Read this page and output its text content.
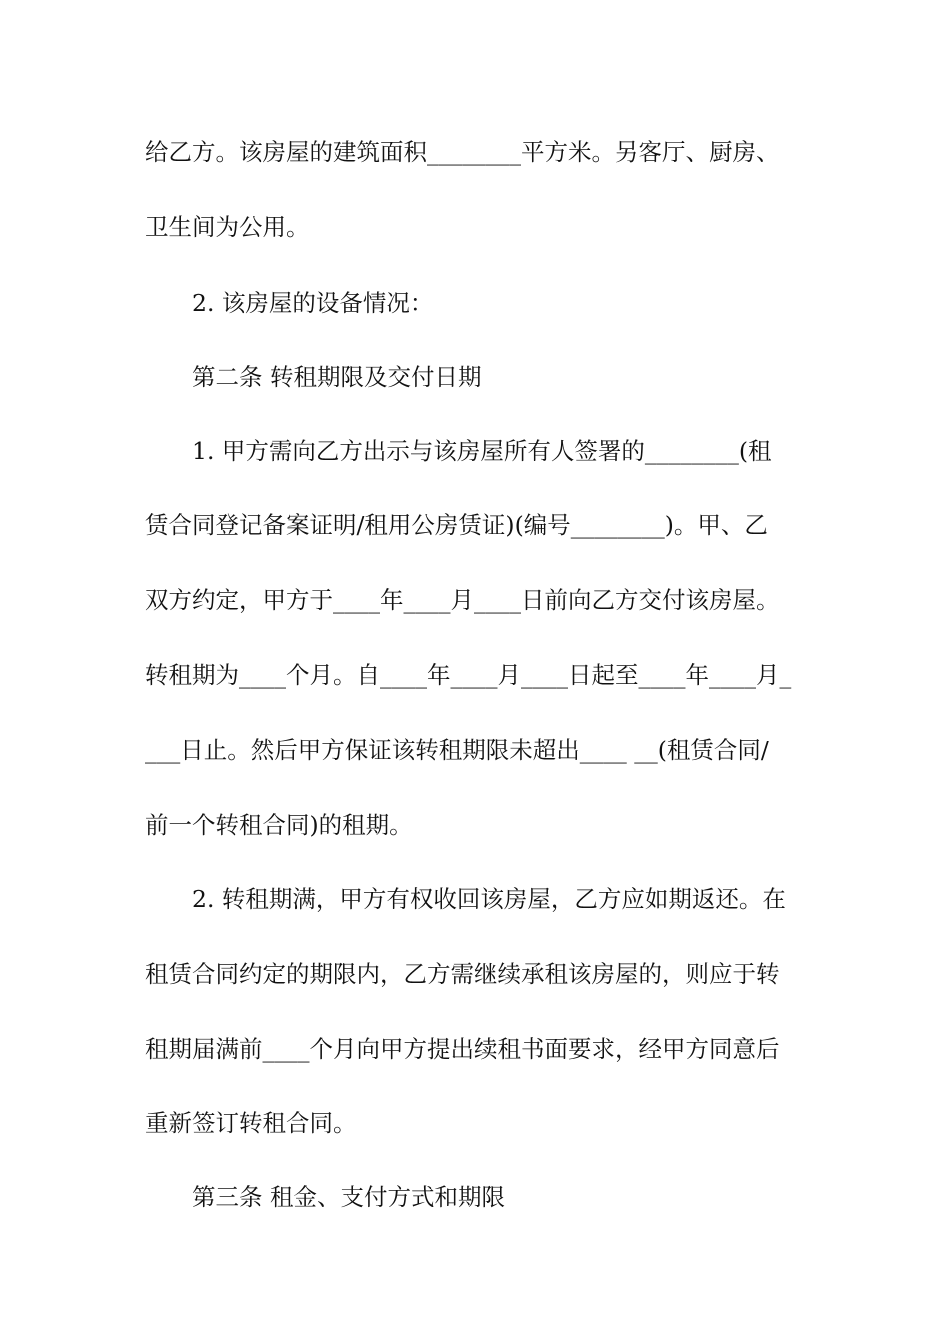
给乙方。该房屋的建筑面积________平方米。另客厅、厨房、
卫生间为公用。
2. 该房屋的设备情况：
第二条 转租期限及交付日期
1. 甲方需向乙方出示与该房屋所有人签署的________(租
赁合同登记备案证明/租用公房赁证)(编号________)。甲、乙
双方约定，甲方于____年____月____日前向乙方交付该房屋。
转租期为____个月。自____年____月____日起至____年____月_
___日止。然后甲方保证该转租期限未超出____ __(租赁合同/
前一个转租合同)的租期。
2. 转租期满，甲方有权收回该房屋，乙方应如期返还。在
租赁合同约定的期限内，乙方需继续承租该房屋的，则应于转
租期届满前____个月向甲方提出续租书面要求，经甲方同意后
重新签订转租合同。
第三条 租金、支付方式和期限
